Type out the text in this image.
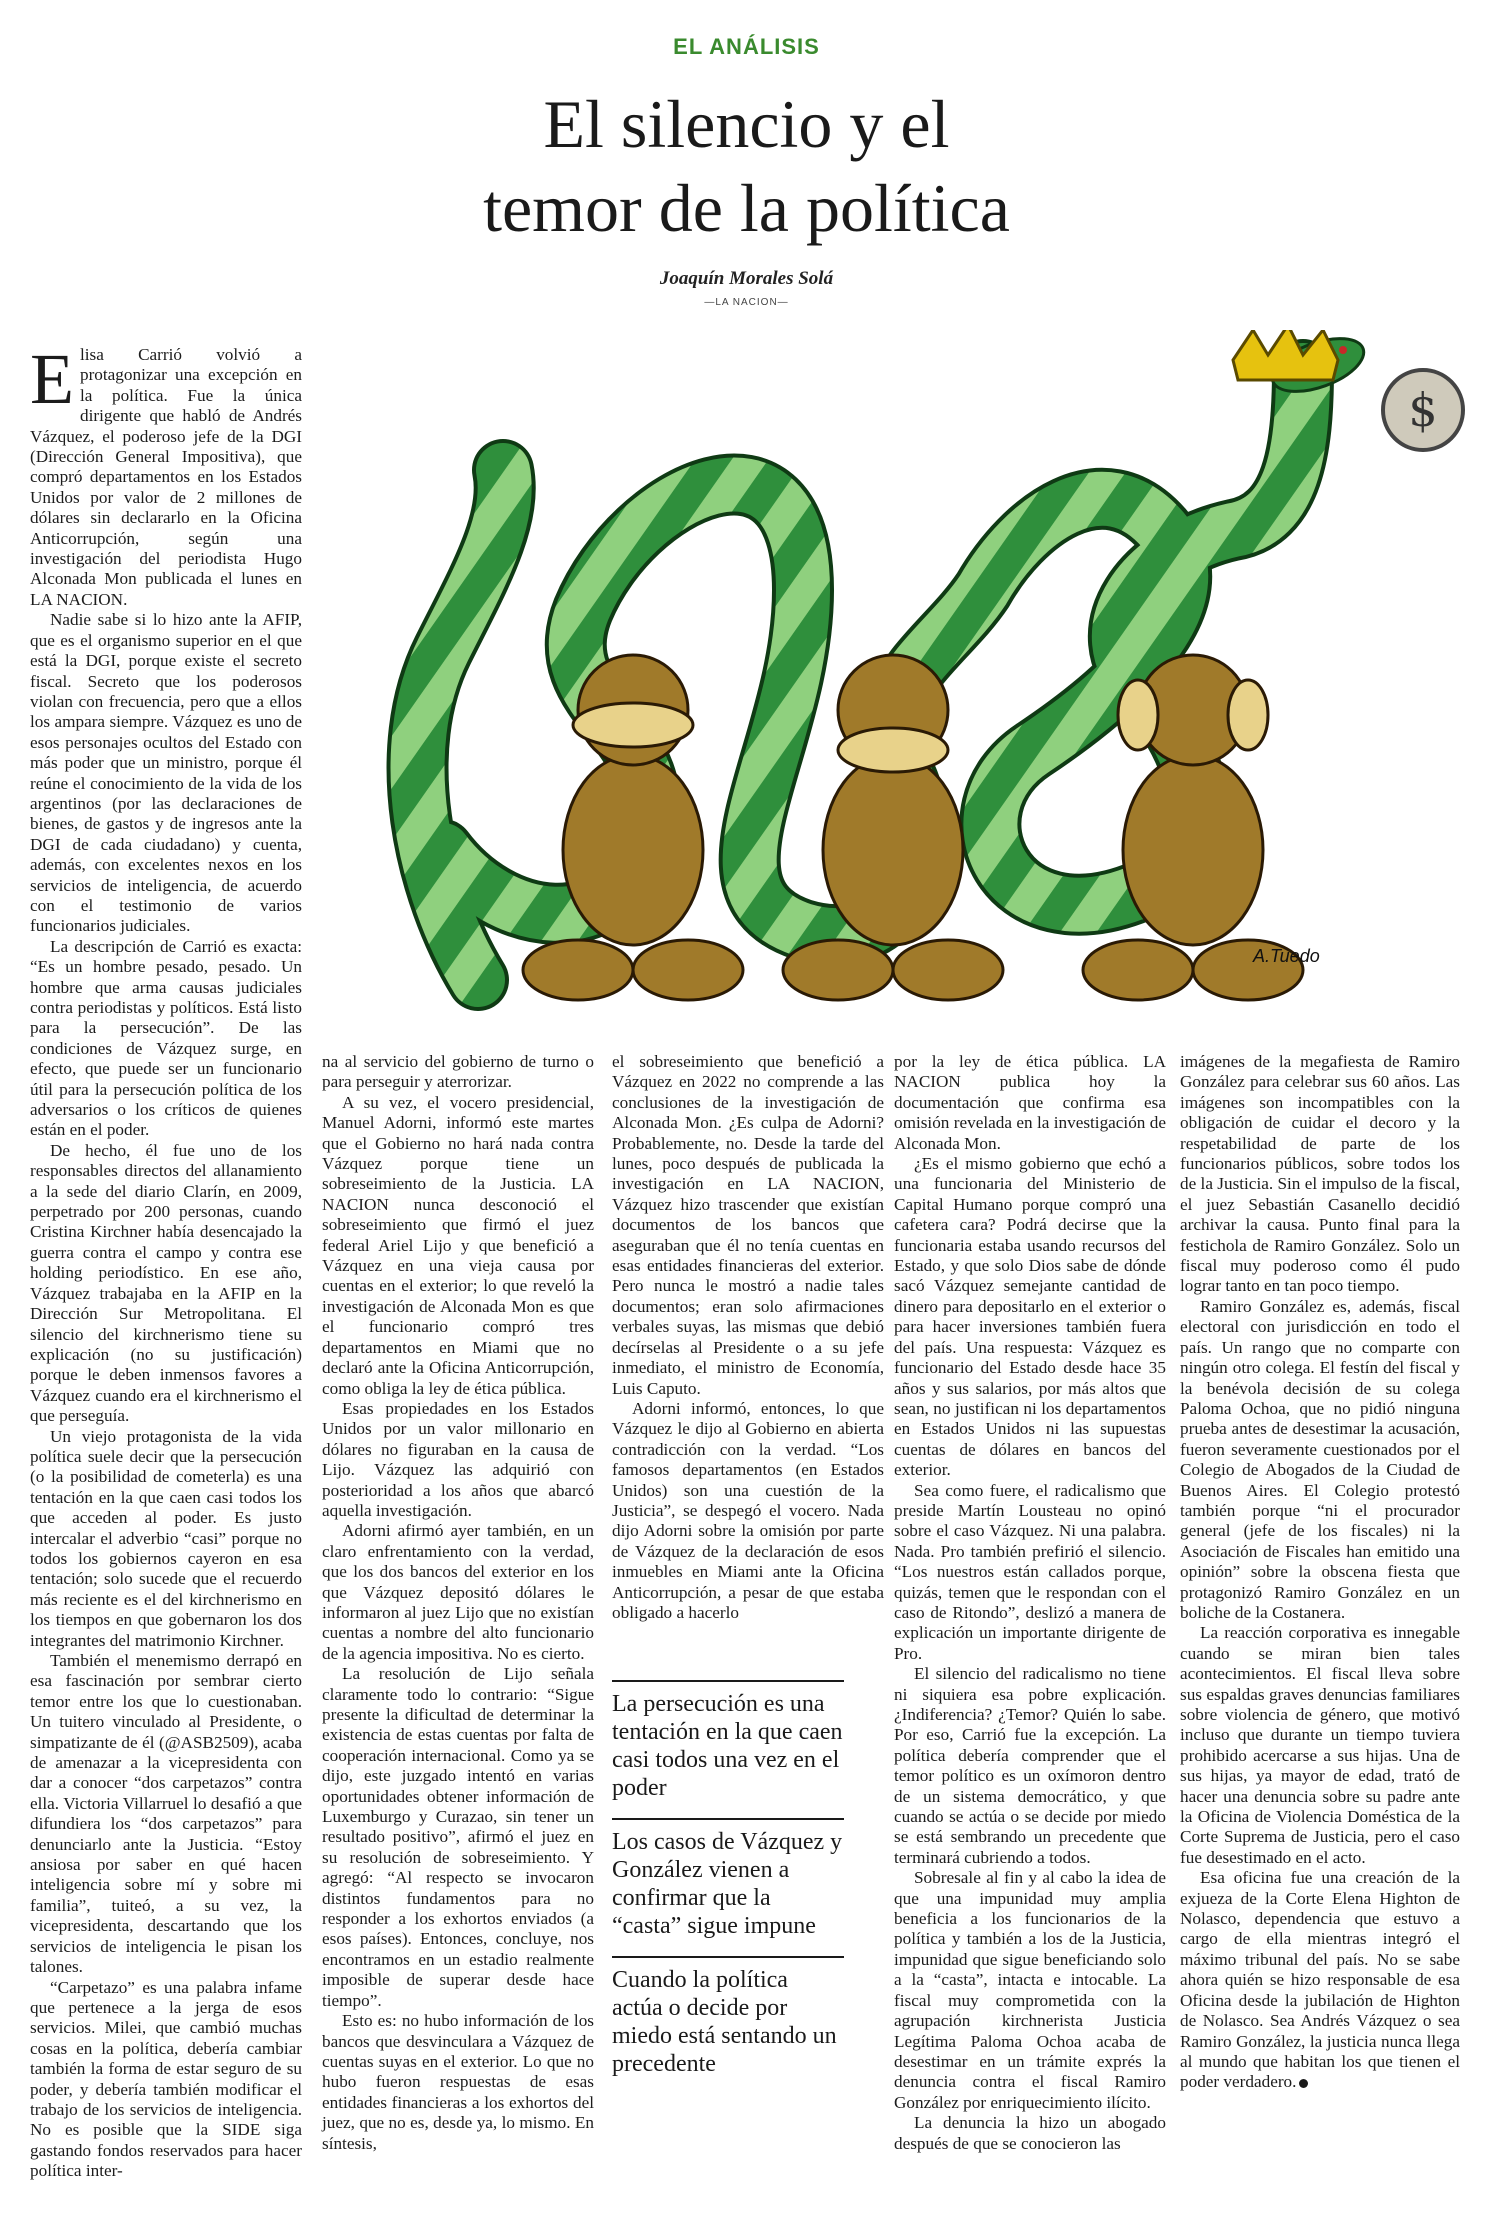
EL ANÁLISIS
El silencio y el
temor de la política
Joaquín Morales Solá
—LA NACION—
$
A.Tuedo

Elisa Carrió volvió a protagonizar una excepción en la política. Fue la única dirigente que habló de Andrés Vázquez, el poderoso jefe de la DGI (Dirección General Impositiva), que compró departamentos en los Estados Unidos por valor de 2 millones de dólares sin declararlo en la Oficina Anticorrupción, según una investigación del periodista Hugo Alconada Mon publicada el lunes en LA NACION.

Nadie sabe si lo hizo ante la AFIP, que es el organismo superior en el que está la DGI, porque existe el secreto fiscal. Secreto que los poderosos violan con frecuencia, pero que a ellos los ampara siempre. Vázquez es uno de esos personajes ocultos del Estado con más poder que un ministro, porque él reúne el conocimiento de la vida de los argentinos (por las declaraciones de bienes, de gastos y de ingresos ante la DGI de cada ciudadano) y cuenta, además, con excelentes nexos en los servicios de inteligencia, de acuerdo con el testimonio de varios funcionarios judiciales.

La descripción de Carrió es exacta: “Es un hombre pesado, pesado. Un hombre que arma causas judiciales contra periodistas y políticos. Está listo para la persecución”. De las condiciones de Vázquez surge, en efecto, que puede ser un funcionario útil para la persecución política de los adversarios o los críticos de quienes están en el poder.

De hecho, él fue uno de los responsables directos del allanamiento a la sede del diario Clarín, en 2009, perpetrado por 200 personas, cuando Cristina Kirchner había desencajado la guerra contra el campo y contra ese holding periodístico. En ese año, Vázquez trabajaba en la AFIP en la Dirección Sur Metropolitana. El silencio del kirchnerismo tiene su explicación (no su justificación) porque le deben inmensos favores a Vázquez cuando era el kirchnerismo el que perseguía.

Un viejo protagonista de la vida política suele decir que la persecución (o la posibilidad de cometerla) es una tentación en la que caen casi todos los que acceden al poder. Es justo intercalar el adverbio “casi” porque no todos los gobiernos cayeron en esa tentación; solo sucede que el recuerdo más reciente es el del kirchnerismo en los tiempos en que gobernaron los dos integrantes del matrimonio Kirchner.

También el menemismo derrapó en esa fascinación por sembrar cierto temor entre los que lo cuestionaban. Un tuitero vinculado al Presidente, o simpatizante de él (@ASB2509), acaba de amenazar a la vicepresidenta con dar a conocer “dos carpetazos” contra ella. Victoria Villarruel lo desafió a que difundiera los “dos carpetazos” para denunciarlo ante la Justicia. “Estoy ansiosa por saber en qué hacen inteligencia sobre mí y sobre mi familia”, tuiteó, a su vez, la vicepresidenta, descartando que los servicios de inteligencia le pisan los talones.

“Carpetazo” es una palabra infame que pertenece a la jerga de esos servicios. Milei, que cambió muchas cosas en la política, debería cambiar también la forma de estar seguro de su poder, y debería también modificar el trabajo de los servicios de inteligencia. No es posible que la SIDE siga gastando fondos reservados para hacer política inter-

na al servicio del gobierno de turno o para perseguir y aterrorizar.

A su vez, el vocero presidencial, Manuel Adorni, informó este martes que el Gobierno no hará nada contra Vázquez porque tiene un sobreseimiento de la Justicia. LA NACION nunca desconoció el sobreseimiento que firmó el juez federal Ariel Lijo y que benefició a Vázquez en una vieja causa por cuentas en el exterior; lo que reveló la investigación de Alconada Mon es que el funcionario compró tres departamentos en Miami que no declaró ante la Oficina Anticorrupción, como obliga la ley de ética pública.

Esas propiedades en los Estados Unidos por un valor millonario en dólares no figuraban en la causa de Lijo. Vázquez las adquirió con posterioridad a los años que abarcó aquella investigación.

Adorni afirmó ayer también, en un claro enfrentamiento con la verdad, que los dos bancos del exterior en los que Vázquez depositó dólares le informaron al juez Lijo que no existían cuentas a nombre del alto funcionario de la agencia impositiva. No es cierto.

La resolución de Lijo señala claramente todo lo contrario: “Sigue presente la dificultad de determinar la existencia de estas cuentas por falta de cooperación internacional. Como ya se dijo, este juzgado intentó en varias oportunidades obtener información de Luxemburgo y Curazao, sin tener un resultado positivo”, afirmó el juez en su resolución de sobreseimiento. Y agregó: “Al respecto se invocaron distintos fundamentos para no responder a los exhortos enviados (a esos países). Entonces, concluye, nos encontramos en un estadio realmente imposible de superar desde hace tiempo”.

Esto es: no hubo información de los bancos que desvinculara a Vázquez de cuentas suyas en el exterior. Lo que no hubo fueron respuestas de esas entidades financieras a los exhortos del juez, que no es, desde ya, lo mismo. En síntesis,

el sobreseimiento que benefició a Vázquez en 2022 no comprende a las conclusiones de la investigación de Alconada Mon. ¿Es culpa de Adorni? Probablemente, no. Desde la tarde del lunes, poco después de publicada la investigación en LA NACION, Vázquez hizo trascender que existían documentos de los bancos que aseguraban que él no tenía cuentas en esas entidades financieras del exterior. Pero nunca le mostró a nadie tales documentos; eran solo afirmaciones verbales suyas, las mismas que debió decírselas al Presidente o a su jefe inmediato, el ministro de Economía, Luis Caputo.

Adorni informó, entonces, lo que Vázquez le dijo al Gobierno en abierta contradicción con la verdad. “Los famosos departamentos (en Estados Unidos) son una cuestión de la Justicia”, se despegó el vocero. Nada dijo Adorni sobre la omisión por parte de Vázquez de la declaración de esos inmuebles en Miami ante la Oficina Anticorrupción, a pesar de que estaba obligado a hacerlo

La persecución es una tentación en la que caen casi todos una vez en el poder
Los casos de Vázquez y González vienen a confirmar que la “casta” sigue impune
Cuando la política actúa o decide por miedo está sentando un precedente

por la ley de ética pública. LA NACION publica hoy la documentación que confirma esa omisión revelada en la investigación de Alconada Mon.

¿Es el mismo gobierno que echó a una funcionaria del Ministerio de Capital Humano porque compró una cafetera cara? Podrá decirse que la funcionaria estaba usando recursos del Estado, y que solo Dios sabe de dónde sacó Vázquez semejante cantidad de dinero para depositarlo en el exterior o para hacer inversiones también fuera del país. Una respuesta: Vázquez es funcionario del Estado desde hace 35 años y sus salarios, por más altos que sean, no justifican ni los departamentos en Estados Unidos ni las supuestas cuentas de dólares en bancos del exterior.

Sea como fuere, el radicalismo que preside Martín Lousteau no opinó sobre el caso Vázquez. Ni una palabra. Nada. Pro también prefirió el silencio. “Los nuestros están callados porque, quizás, temen que le respondan con el caso de Ritondo”, deslizó a manera de explicación un importante dirigente de Pro.

El silencio del radicalismo no tiene ni siquiera esa pobre explicación. ¿Indiferencia? ¿Temor? Quién lo sabe. Por eso, Carrió fue la excepción. La política debería comprender que el temor político es un oxímoron dentro de un sistema democrático, y que cuando se actúa o se decide por miedo se está sembrando un precedente que terminará cubriendo a todos.

Sobresale al fin y al cabo la idea de que una impunidad muy amplia beneficia a los funcionarios de la política y también a los de la Justicia, impunidad que sigue beneficiando solo a la “casta”, intacta e intocable. La fiscal muy comprometida con la agrupación kirchnerista Justicia Legítima Paloma Ochoa acaba de desestimar en un trámite exprés la denuncia contra el fiscal Ramiro González por enriquecimiento ilícito.

La denuncia la hizo un abogado después de que se conocieron las

imágenes de la megafiesta de Ramiro González para celebrar sus 60 años. Las imágenes son incompatibles con la obligación de cuidar el decoro y la respetabilidad de parte de los funcionarios públicos, sobre todos los de la Justicia. Sin el impulso de la fiscal, el juez Sebastián Casanello decidió archivar la causa. Punto final para la festichola de Ramiro González. Solo un fiscal muy poderoso como él pudo lograr tanto en tan poco tiempo.

Ramiro González es, además, fiscal electoral con jurisdicción en todo el país. Un rango que no comparte con ningún otro colega. El festín del fiscal y la benévola decisión de su colega Paloma Ochoa, que no pidió ninguna prueba antes de desestimar la acusación, fueron severamente cuestionados por el Colegio de Abogados de la Ciudad de Buenos Aires. El Colegio protestó también porque “ni el procurador general (jefe de los fiscales) ni la Asociación de Fiscales han emitido una opinión” sobre la obscena fiesta que protagonizó Ramiro González en un boliche de la Costanera.

La reacción corporativa es innegable cuando se miran bien tales acontecimientos. El fiscal lleva sobre sus espaldas graves denuncias familiares sobre violencia de género, que motivó incluso que durante un tiempo tuviera prohibido acercarse a sus hijas. Una de sus hijas, ya mayor de edad, trató de hacer una denuncia sobre su padre ante la Oficina de Violencia Doméstica de la Corte Suprema de Justicia, pero el caso fue desestimado en el acto.

Esa oficina fue una creación de la exjueza de la Corte Elena Highton de Nolasco, dependencia que estuvo a cargo de ella mientras integró el máximo tribunal del país. No se sabe ahora quién se hizo responsable de esa Oficina desde la jubilación de Highton de Nolasco. Sea Andrés Vázquez o sea Ramiro González, la justicia nunca llega al mundo que habitan los que tienen el poder verdadero.
